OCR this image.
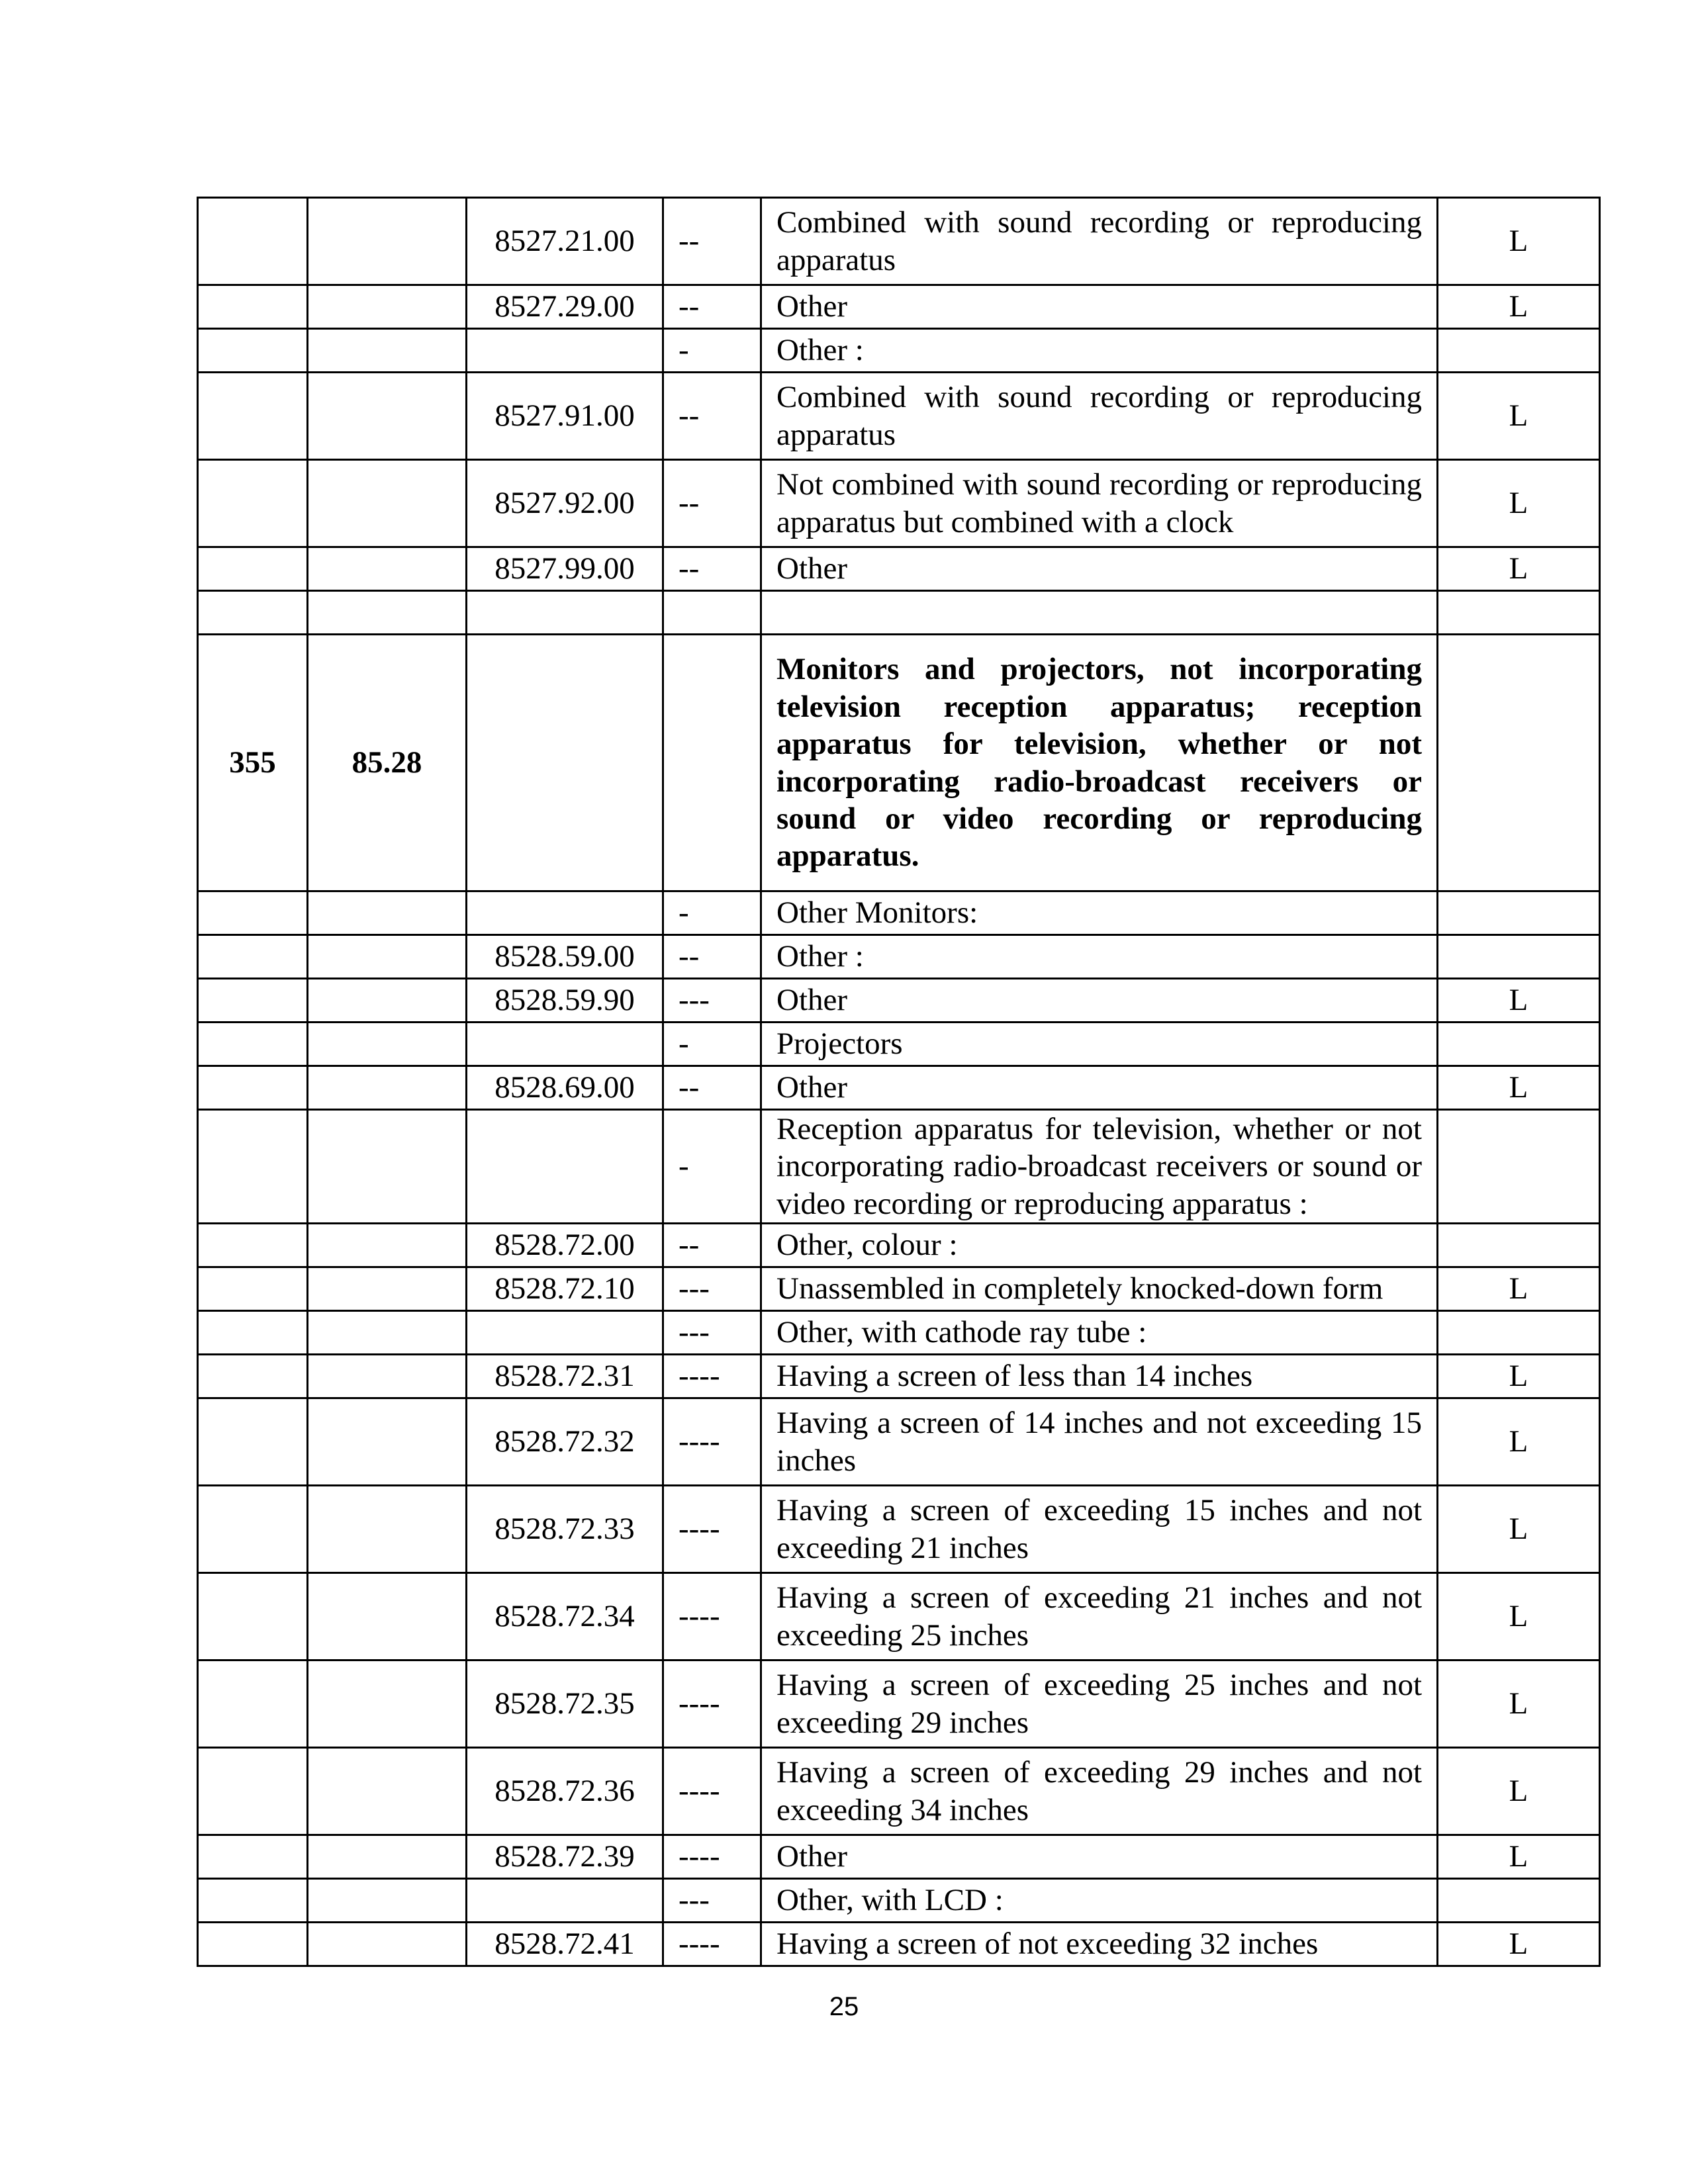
		8527.21.00	--	Combined with sound recording or reproducing apparatus	L
		8527.29.00	--	Other	L
			-	Other :	
		8527.91.00	--	Combined with sound recording or reproducing apparatus	L
		8527.92.00	--	Not combined with sound recording or reproducing apparatus but combined with a clock	L
		8527.99.00	--	Other	L

355	85.28			Monitors and projectors, not incorporating television reception apparatus; reception apparatus for television, whether or not incorporating radio-broadcast receivers or sound or video recording or reproducing apparatus.	
			-	Other Monitors:	
		8528.59.00	--	Other :	
		8528.59.90	---	Other	L
			-	Projectors	
		8528.69.00	--	Other	L
			-	Reception apparatus for television, whether or not incorporating radio-broadcast receivers or sound or video recording or reproducing apparatus :	
		8528.72.00	--	Other, colour :	
		8528.72.10	---	Unassembled in completely knocked-down form	L
			---	Other, with cathode ray tube :	
		8528.72.31	----	Having a screen of less than 14 inches	L
		8528.72.32	----	Having a screen of 14 inches and not exceeding 15 inches	L
		8528.72.33	----	Having a screen of exceeding 15 inches and not exceeding 21 inches	L
		8528.72.34	----	Having a screen of exceeding 21 inches and not exceeding 25 inches	L
		8528.72.35	----	Having a screen of exceeding 25 inches and not exceeding 29 inches	L
		8528.72.36	----	Having a screen of exceeding 29 inches and not exceeding 34 inches	L
		8528.72.39	----	Other	L
			---	Other, with LCD :	
		8528.72.41	----	Having a screen of not exceeding 32 inches	L
25
